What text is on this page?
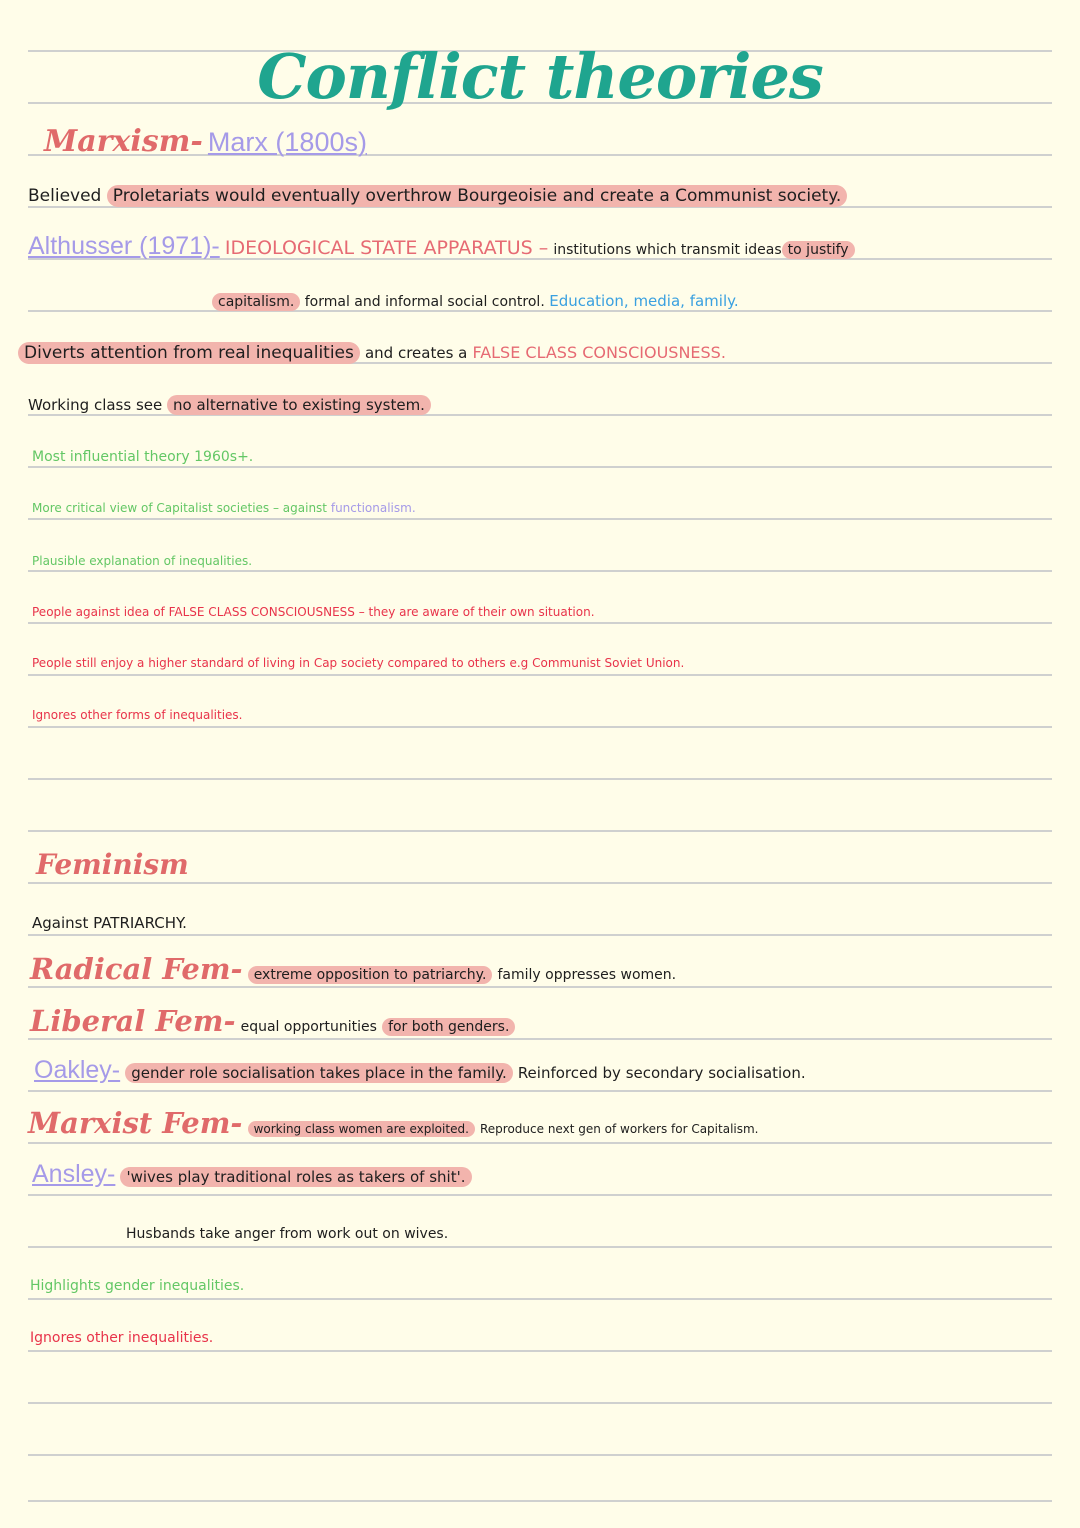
Conflict theories
Marxism- Marx (1800s)
Believed Proletariats would eventually overthrow Bourgeoisie and create a Communist society.
Althusser (1971)- IDEOLOGICAL STATE APPARATUS – institutions which transmit ideas to justify
capitalism. formal and informal social control. Education, media, family.
Diverts attention from real inequalities and creates a FALSE CLASS CONSCIOUSNESS.
Working class see no alternative to existing system.
Most influential theory 1960s+.
More critical view of Capitalist societies – against functionalism.
Plausible explanation of inequalities.
People against idea of FALSE CLASS CONSCIOUSNESS – they are aware of their own situation.
People still enjoy a higher standard of living in Cap society compared to others e.g Communist Soviet Union.
Ignores other forms of inequalities.
Feminism
Against PATRIARCHY.
Radical Fem- extreme opposition to patriarchy. family oppresses women.
Liberal Fem- equal opportunities for both genders.
Oakley- gender role socialisation takes place in the family. Reinforced by secondary socialisation.
Marxist Fem- working class women are exploited. Reproduce next gen of workers for Capitalism.
Ansley- 'wives play traditional roles as takers of shit'.
Husbands take anger from work out on wives.
Highlights gender inequalities.
Ignores other inequalities.
